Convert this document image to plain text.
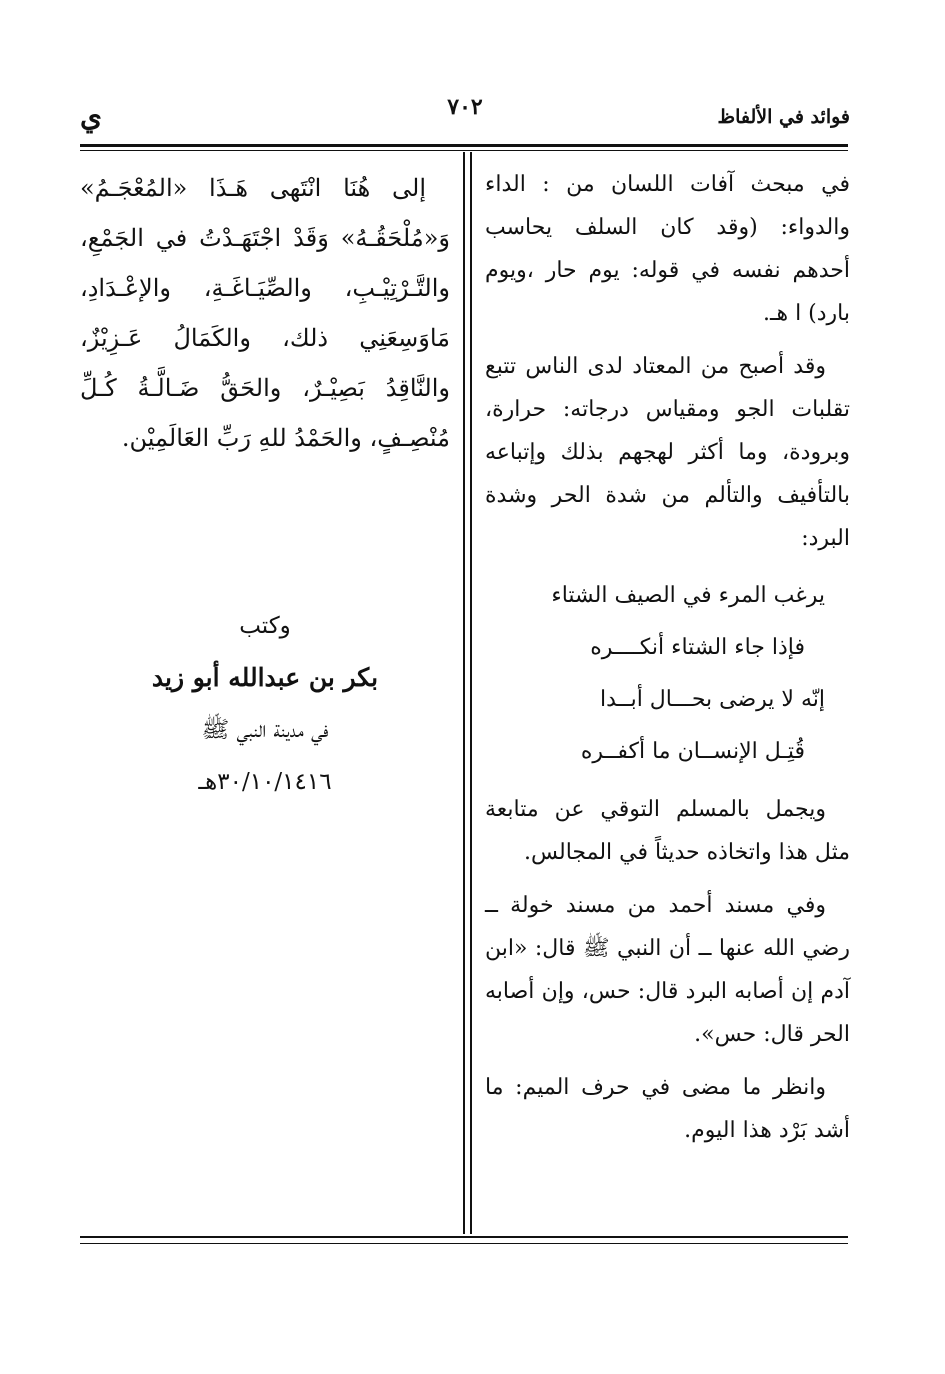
فوائد في الألفاظ
٧٠٢
ي

في مبحث آفات اللسان من : الداء والدواء: (وقد كان السلف يحاسب أحدهم نفسه في قوله: يوم حار ،ويوم بارد) ا هـ.

وقد أصبح من المعتاد لدى الناس تتبع تقلبات الجو ومقياس درجاته: حرارة، وبرودة، وما أكثر لهجهم بذلك وإتباعه بالتأفيف والتألم من شدة الحر وشدة البرد:

يرغب المرء في الصيف الشتاء
فإذا جاء الشتاء أنكــــره
إنّه لا يرضى بحـــال أبــدا
قُتِـل الإنســان ما أكفــره

ويجمل بالمسلم التوقي عن متابعة مثل هذا واتخاذه حديثاً في المجالس.

وفي مسند أحمد من مسند خولة ــ رضي الله عنها ــ أن النبي ﷺ قال: «ابن آدم إن أصابه البرد قال: حس، وإن أصابه الحر قال: حس».

وانظر ما مضى في حرف الميم: ما أشد بَرْد هذا اليوم.

إلى هُنَا انْتَهى هَـذَا «المُعْجَـمُ» وَ«مُلْحَقُـهُ» وَقَدْ اجْتَهَـدْتُ في الجَمْعِ، والتَّـرْتِيْـبِ، والصِّيَـاغَـةِ، والإعْـدَادِ، مَاوَسِعَنِي ذلك، والكَمَالُ عَـزِيْزٌ، والنَّاقِدُ بَصِيْـرٌ، والحَقُّ ضَـالَّـةُ كُـلِّ مُنْصِـفٍ، والحَمْدُ للهِ رَبِّ العَالَمِيْن.

وكتب
بكر بن عبدالله أبو زيد
في مدينة النبي ﷺ
٣٠/١٠/١٤١٦هـ
